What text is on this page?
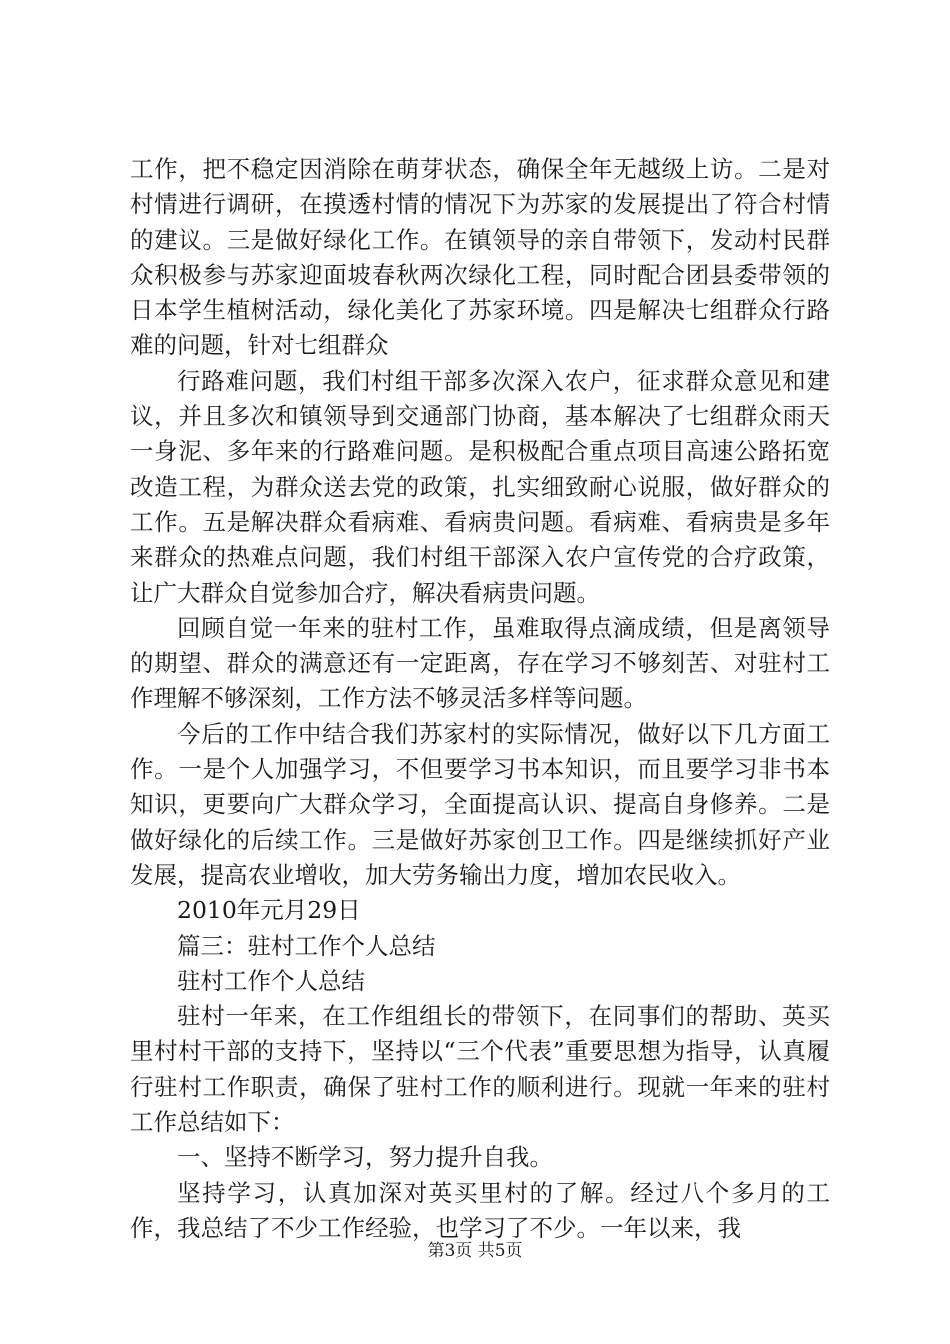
工作，把不稳定因消除在萌芽状态，确保全年无越级上访。二是对村情进行调研，在摸透村情的情况下为苏家的发展提出了符合村情的建议。三是做好绿化工作。在镇领导的亲自带领下，发动村民群众积极参与苏家迎面坡春秋两次绿化工程，同时配合团县委带领的日本学生植树活动，绿化美化了苏家环境。四是解决七组群众行路难的问题，针对七组群众

行路难问题，我们村组干部多次深入农户，征求群众意见和建议，并且多次和镇领导到交通部门协商，基本解决了七组群众雨天一身泥、多年来的行路难问题。是积极配合重点项目高速公路拓宽改造工程，为群众送去党的政策，扎实细致耐心说服，做好群众的工作。五是解决群众看病难、看病贵问题。看病难、看病贵是多年来群众的热难点问题，我们村组干部深入农户宣传党的合疗政策，让广大群众自觉参加合疗，解决看病贵问题。

回顾自觉一年来的驻村工作，虽难取得点滴成绩，但是离领导的期望、群众的满意还有一定距离，存在学习不够刻苦、对驻村工作理解不够深刻，工作方法不够灵活多样等问题。

今后的工作中结合我们苏家村的实际情况，做好以下几方面工作。一是个人加强学习，不但要学习书本知识，而且要学习非书本知识，更要向广大群众学习，全面提高认识、提高自身修养。二是做好绿化的后续工作。三是做好苏家创卫工作。四是继续抓好产业发展，提高农业增收，加大劳务输出力度，增加农民收入。

2010年元月29日

篇三：驻村工作个人总结

驻村工作个人总结

驻村一年来，在工作组组长的带领下，在同事们的帮助、英买里村村干部的支持下，坚持以“三个代表”重要思想为指导，认真履行驻村工作职责，确保了驻村工作的顺利进行。现就一年来的驻村工作总结如下：

一、坚持不断学习，努力提升自我。

坚持学习，认真加深对英买里村的了解。经过八个多月的工作，我总结了不少工作经验，也学习了不少。一年以来，我

第3页 共5页
